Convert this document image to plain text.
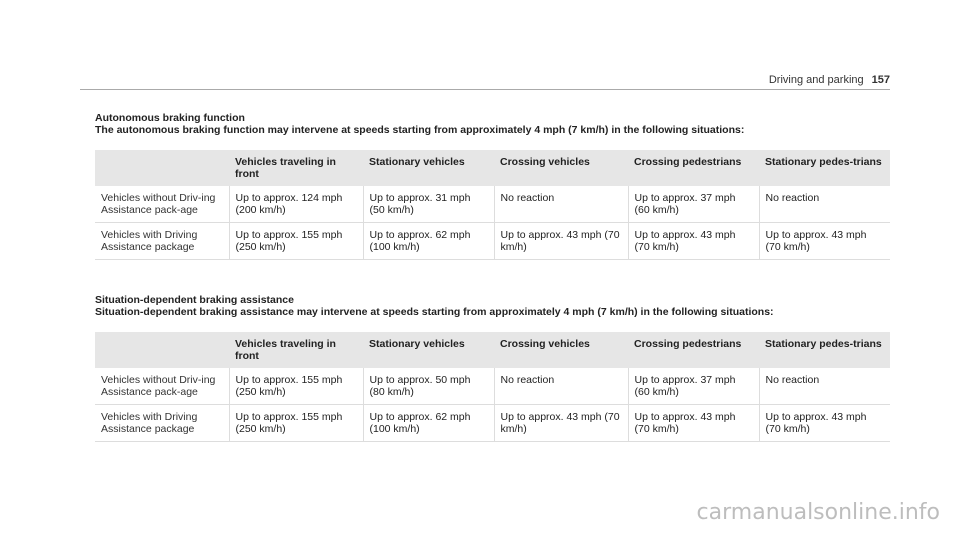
Driving and parking 157
Autonomous braking function
The autonomous braking function may intervene at speeds starting from approximately 4 mph (7 km/h) in the following situations:
	Vehicles traveling in front	Stationary vehicles	Crossing vehicles	Crossing pedestrians	Stationary pedes-trians
Vehicles without Driv-ing Assistance pack-age	Up to approx. 124 mph (200 km/h)	Up to approx. 31 mph (50 km/h)	No reaction	Up to approx. 37 mph (60 km/h)	No reaction
Vehicles with Driving Assistance package	Up to approx. 155 mph (250 km/h)	Up to approx. 62 mph (100 km/h)	Up to approx. 43 mph (70 km/h)	Up to approx. 43 mph (70 km/h)	Up to approx. 43 mph (70 km/h)
Situation-dependent braking assistance
Situation-dependent braking assistance may intervene at speeds starting from approximately 4 mph (7 km/h) in the following situations:
	Vehicles traveling in front	Stationary vehicles	Crossing vehicles	Crossing pedestrians	Stationary pedes-trians
Vehicles without Driv-ing Assistance pack-age	Up to approx. 155 mph (250 km/h)	Up to approx. 50 mph (80 km/h)	No reaction	Up to approx. 37 mph (60 km/h)	No reaction
Vehicles with Driving Assistance package	Up to approx. 155 mph (250 km/h)	Up to approx. 62 mph (100 km/h)	Up to approx. 43 mph (70 km/h)	Up to approx. 43 mph (70 km/h)	Up to approx. 43 mph (70 km/h)
carmanualsonline.info
